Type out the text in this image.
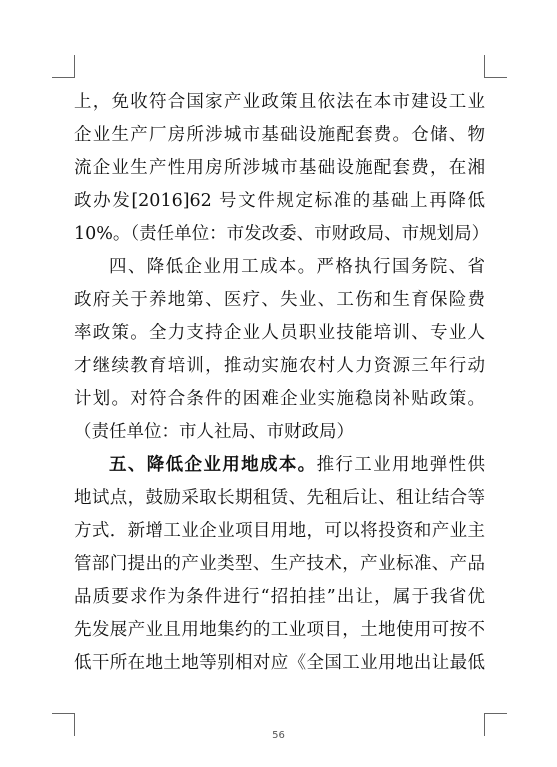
上，免收符合国家产业政策且依法在本市建设工业
企业生产厂房所涉城市基础设施配套费。仓储、物
流企业生产性用房所涉城市基础设施配套费，在湘
政办发[2016]62 号文件规定标准的基础上再降低
10%。（责任单位：市发改委、市财政局、市规划局）
四、降低企业用工成本。严格执行国务院、省
政府关于养地第、医疗、失业、工伤和生育保险费
率政策。全力支持企业人员职业技能培训、专业人
才继续教育培训，推动实施农村人力资源三年行动
计划。对符合条件的困难企业实施稳岗补贴政策。
（责任单位：市人社局、市财政局）
五、降低企业用地成本。推行工业用地弹性供
地试点，鼓励采取长期租赁、先租后让、租让结合等
方式．新增工业企业项目用地，可以将投资和产业主
管部门提出的产业类型、生产技术，产业标准、产品
品质要求作为条件进行“招拍挂”出让，属于我省优
先发展产业且用地集约的工业项目，土地使用可按不
低干所在地土地等别相对应《全国工业用地出让最低
56
